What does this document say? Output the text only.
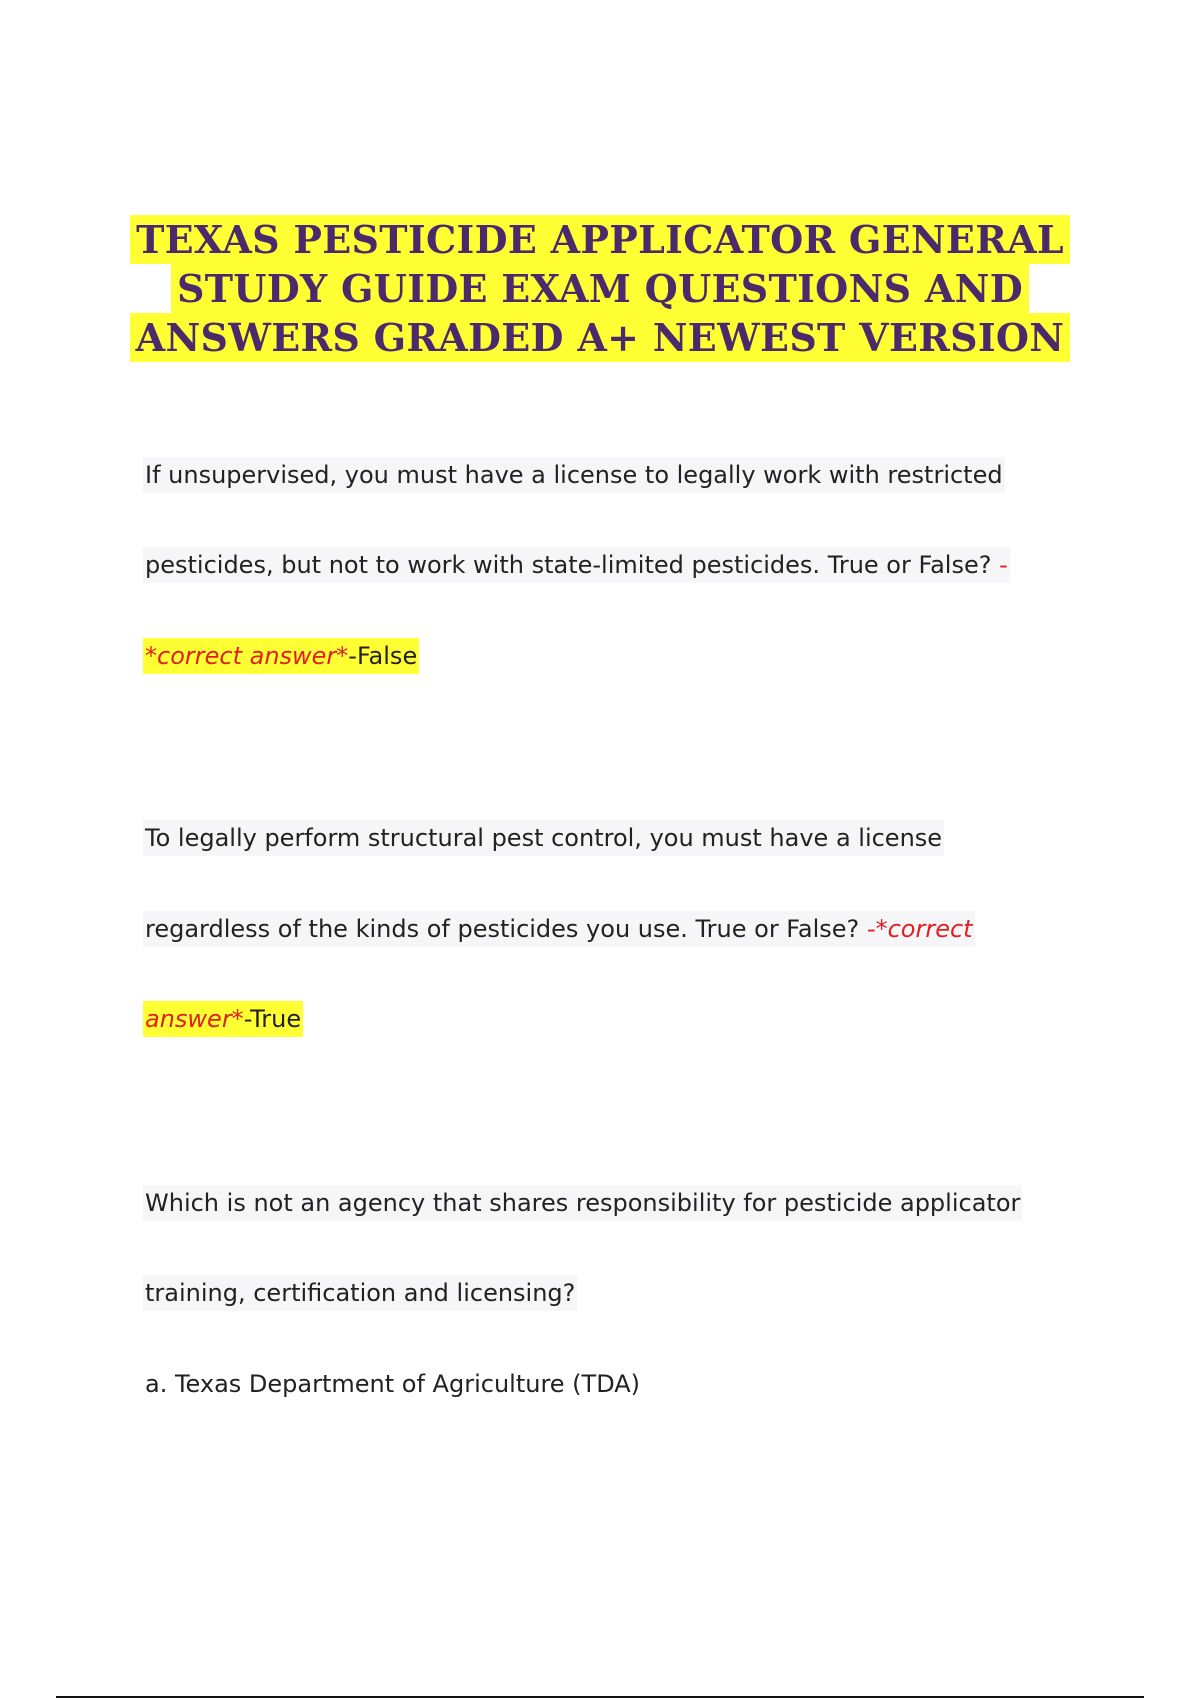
TEXAS PESTICIDE APPLICATOR GENERAL
STUDY GUIDE EXAM QUESTIONS AND
ANSWERS GRADED A+ NEWEST VERSION
If unsupervised, you must have a license to legally work with restricted
pesticides, but not to work with state-limited pesticides. True or False? -
*correct answer*-False
To legally perform structural pest control, you must have a license
regardless of the kinds of pesticides you use. True or False? -*correct
answer*-True
Which is not an agency that shares responsibility for pesticide applicator
training, certification and licensing?
a. Texas Department of Agriculture (TDA)
